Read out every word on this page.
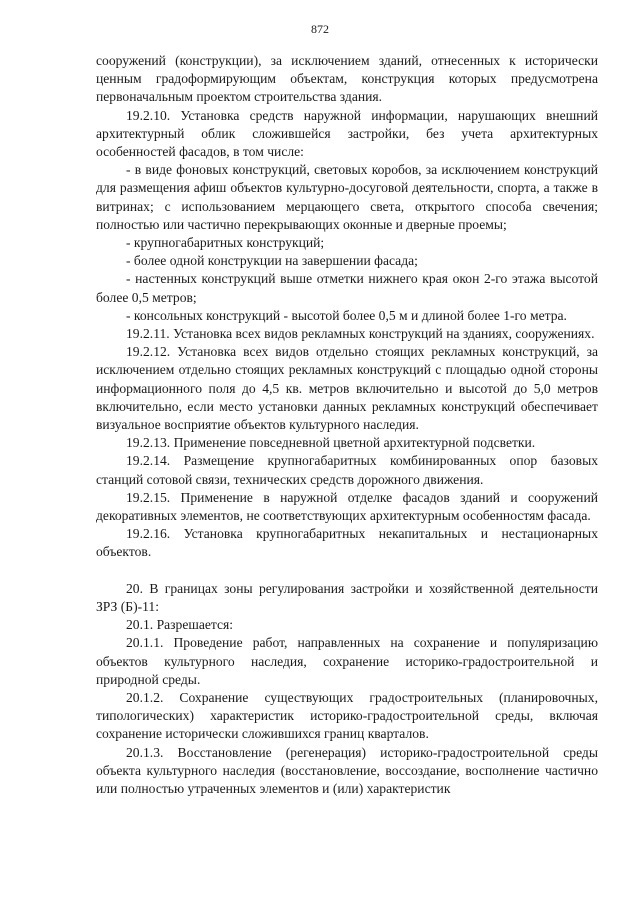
872

сооружений (конструкции), за исключением зданий, отнесенных к исторически ценным градоформирующим объектам, конструкция которых предусмотрена первоначальным проектом строительства здания.

19.2.10. Установка средств наружной информации, нарушающих внешний архитектурный облик сложившейся застройки, без учета архитектурных особенностей фасадов, в том числе:

- в виде фоновых конструкций, световых коробов, за исключением конструкций для размещения афиш объектов культурно-досуговой деятельности, спорта, а также в витринах; с использованием мерцающего света, открытого способа свечения; полностью или частично перекрывающих оконные и дверные проемы;

- крупногабаритных конструкций;

- более одной конструкции на завершении фасада;

- настенных конструкций выше отметки нижнего края окон 2-го этажа высотой более 0,5 метров;

- консольных конструкций - высотой более 0,5 м и длиной более 1-го метра.

19.2.11. Установка всех видов рекламных конструкций на зданиях, сооружениях.

19.2.12. Установка всех видов отдельно стоящих рекламных конструкций, за исключением отдельно стоящих рекламных конструкций с площадью одной стороны информационного поля до 4,5 кв. метров включительно и высотой до 5,0 метров включительно, если место установки данных рекламных конструкций обеспечивает визуальное восприятие объектов культурного наследия.

19.2.13. Применение повседневной цветной архитектурной подсветки.

19.2.14. Размещение крупногабаритных комбинированных опор базовых станций сотовой связи, технических средств дорожного движения.

19.2.15. Применение в наружной отделке фасадов зданий и сооружений декоративных элементов, не соответствующих архитектурным особенностям фасада.

19.2.16. Установка крупногабаритных некапитальных и нестационарных объектов.

20. В границах зоны регулирования застройки и хозяйственной деятельности ЗРЗ (Б)-11:

20.1. Разрешается:

20.1.1. Проведение работ, направленных на сохранение и популяризацию объектов культурного наследия, сохранение историко-градостроительной и природной среды.

20.1.2. Сохранение существующих градостроительных (планировочных, типологических) характеристик историко-градостроительной среды, включая сохранение исторически сложившихся границ кварталов.

20.1.3. Восстановление (регенерация) историко-градостроительной среды объекта культурного наследия (восстановление, воссоздание, восполнение частично или полностью утраченных элементов и (или) характеристик
